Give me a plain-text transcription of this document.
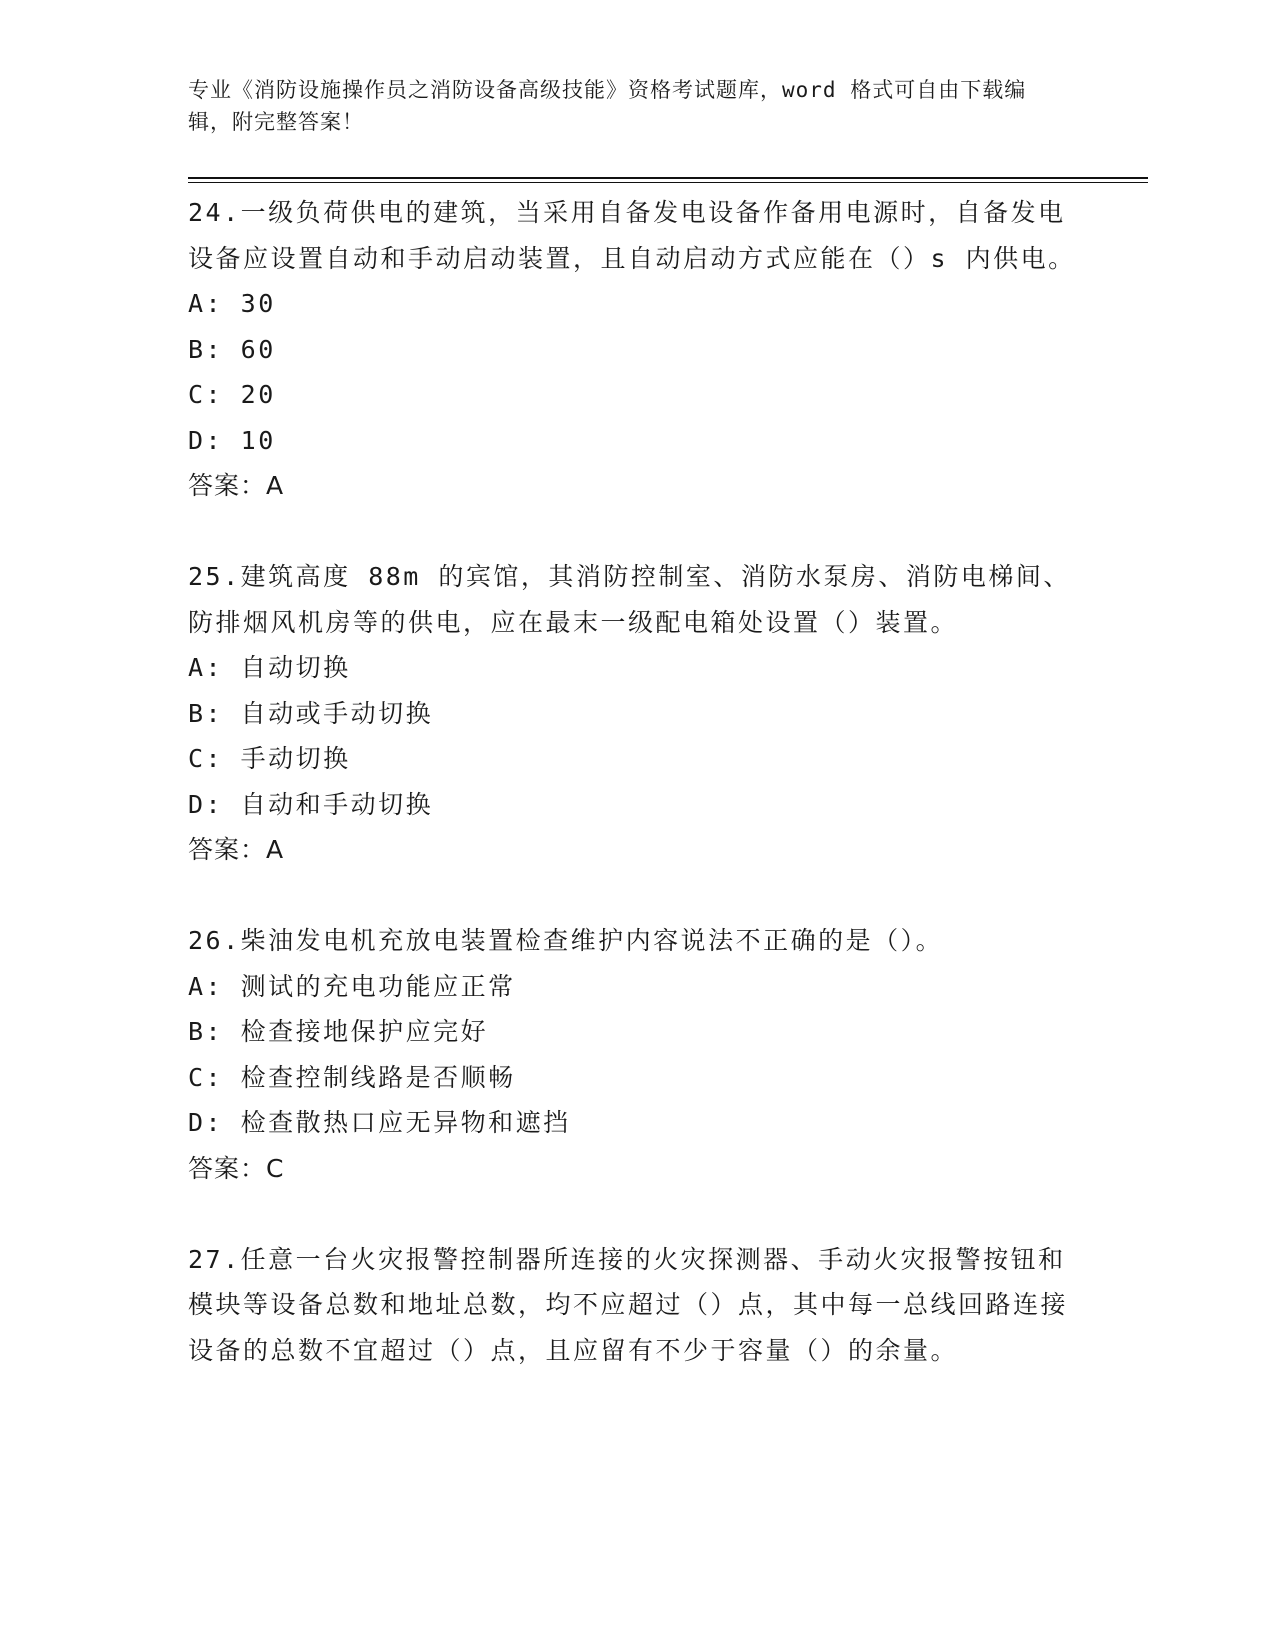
专业《消防设施操作员之消防设备高级技能》资格考试题库，word 格式可自由下载编辑，附完整答案！

24.一级负荷供电的建筑，当采用自备发电设备作备用电源时，自备发电设备应设置自动和手动启动装置，且自动启动方式应能在（）s 内供电。

A: 30

B: 60

C: 20

D: 10

答案：A

25.建筑高度 88m 的宾馆，其消防控制室、消防水泵房、消防电梯间、防排烟风机房等的供电，应在最末一级配电箱处设置（）装置。

A: 自动切换

B: 自动或手动切换

C: 手动切换

D: 自动和手动切换

答案：A

26.柴油发电机充放电装置检查维护内容说法不正确的是（）。

A: 测试的充电功能应正常

B: 检查接地保护应完好

C: 检查控制线路是否顺畅

D: 检查散热口应无异物和遮挡

答案：C

27.任意一台火灾报警控制器所连接的火灾探测器、手动火灾报警按钮和模块等设备总数和地址总数，均不应超过（）点，其中每一总线回路连接设备的总数不宜超过（）点，且应留有不少于容量（）的余量。
